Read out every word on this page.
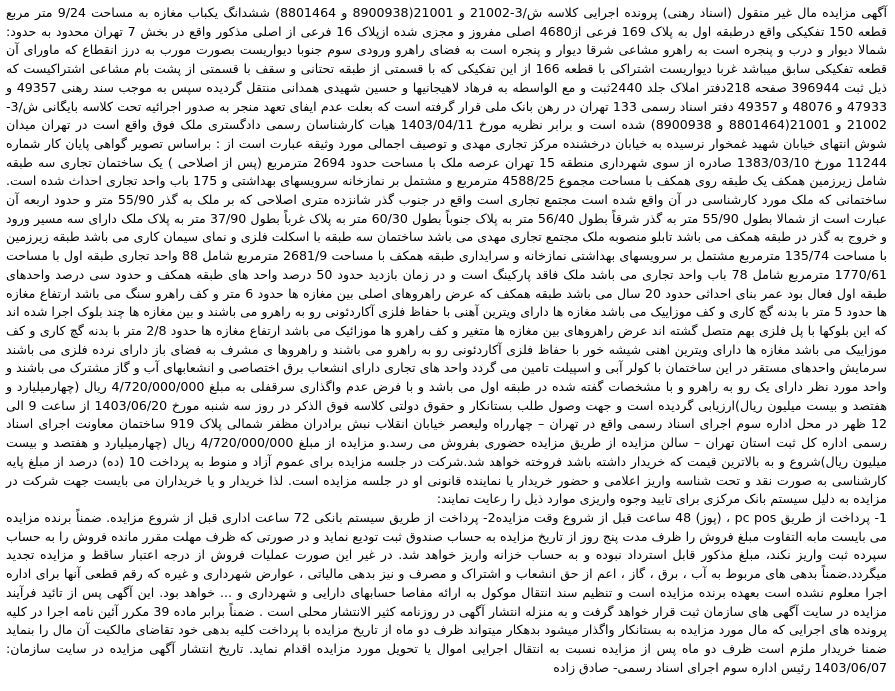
آگهی مزایده مال غیر منقول (اسناد رهنی) پرونده اجرایی کلاسه ش/3-21002 و 21001(8900938 و 8801464) ششدانگ یکباب مغازه به مساحت 9/24 متر مربع قطعه 150 تفکیکی واقع درطبقه اول به پلاک 169 فرعی از4680 اصلی مفروز و مجزی شده ازپلاک 16 فرعی از اصلی مذکور واقع در بخش 7 تهران محدود به حدود: شمالا دیوار و درب و پنجره است به راهرو مشاعی شرقا دیوار و پنجره است به فضای راهرو ورودی سوم جنوبا دیواریست بصورت مورب به درز انقطاع که ماورای آن قطعه تفکیکی سابق میباشد غربا دیواریست اشتراکی با قطعه 166 از این تفکیکی که با قسمتی از طبقه تحتانی و سقف با قسمتی از پشت بام مشاعی اشتراکیست که ذیل ثبت 396944 صفحه 218دفتر املاک جلد 2440ثبت و مع الواسطه به فرهاد لاهیجانیها و حسین شهیدی همدانی منتقل گردیده سپس به موجب سند رهنی 49357 و 47933 و 48076 و 49357 دفتر اسناد رسمی 133 تهران در رهن بانک ملی قرار گرفته است که بعلت عدم ایفای تعهد منجر به صدور اجرائیه تحت کلاسه بایگانی ش/3-21002 و 21001(8801464 و 8900938) شده است و برابر نظریه مورخ 1403/04/11 هیات کارشناسان رسمی دادگستری ملک فوق واقع است در تهران میدان شوش انتهای خیابان شهید غمخوار نرسیده به خیابان درخشنده مرکز تجاری مهدی و توصیف اجمالی مورد وثیقه عبارت است از : براساس تصویر گواهی پایان کار شماره 11244 مورخ 1383/03/10 صادره از سوی شهرداری منطقه 15 تهران عرصه ملک با مساحت حدود 2694 مترمربع (پس از اصلاحی ) یک ساختمان تجاری سه طبقه شامل زیرزمین همکف یک طبقه روی همکف با مساحت مجموع 4588/25 مترمربع و مشتمل بر نمازخانه سرویسهای بهداشتی و 175 باب واحد تجاری احداث شده است. ساختمانی که ملک مورد کارشناسی در آن واقع شده است مجتمع تجاری است واقع در جنوب گذر شانزده متری اصلاحی که بر ملک به گذر 55/90 متر و حدود اربعه آن عبارت است از شمالا بطول 55/90 متر به گذر شرقاً بطول 56/40 متر به پلاک جنوباً بطول 60/30 متر به پلاک غرباً بطول 37/90 متر به پلاک ملک دارای سه مسیر ورود و خروج به گذر در طبقه همکف می باشد تابلو منصوبه ملک مجتمع تجاری مهدی می باشد ساختمان سه طبقه با اسکلت فلزی و نمای سیمان کاری می باشد طبقه زیرزمین با مساحت 135/74 مترمربع مشتمل بر سرویسهای بهداشتی نمازخانه و سرایداری طبقه همکف با مساحت 2681/9 مترمربع شامل 88 واحد تجاری طبقه اول با مساحت 1770/61 مترمربع شامل 78 باب واحد تجاری می باشد ملک فاقد پارکینگ است و در زمان بازدید حدود 50 درصد واحد های طبقه همکف و حدود سی درصد واحدهای طبقه اول فعال بود عمر بنای احداثی حدود 20 سال می باشد طبقه همکف که عرض راهروهای اصلی بین مغازه ها حدود 6 متر و کف راهرو سنگ می باشد ارتفاع مغازه ها حدود 5 متر با بدنه گچ کاری و کف موزاییک می باشد مغازه ها دارای ویترین آهنی با حفاظ فلزی آکاردئونی رو به راهرو می باشند و بین مغازه ها چند بلوک اجرا شده اند که این بلوکها با پل فلزی بهم متصل گشته اند عرض راهروهای بین مغازه ها متغیر و کف راهرو ها موزائیک می باشد ارتفاع مغازه ها حدود 2/8 متر با بدنه گچ کاری و کف موزاییک می باشد مغازه ها دارای ویترین اهنی شیشه خور با حفاظ فلزی آکاردئونی رو به راهرو می باشند و راهروها ی مشرف به فضای باز دارای نرده فلزی می باشند سرمایش واحدهای مستقر در این ساختمان با کولر آبی و اسپیلت تامین می گردد واحد های تجاری دارای انشعاب برق اختصاصی و انشعابهای آب و گاز مشترک می باشند و واحد مورد نظر دارای یک رو به راهرو و با مشخصات گفته شده در طبقه اول می باشد و با فرض عدم واگذاری سرقفلی به مبلغ 4/720/000/000 ریال (چهارمیلیارد و هفتصد و بیست میلیون ریال)ارزیابی گردیده است و جهت وصول طلب بستانکار و حقوق دولتی کلاسه فوق الذکر در روز سه شنبه مورخ 1403/06/20 از ساعت 9 الی 12 ظهر در محل اداره سوم اجرای اسناد رسمی واقع در تهران – چهارراه ولیعصر خیابان انقلاب نبش برادران مظفر شمالی پلاک 919 ساختمان معاونت اجرای اسناد رسمی اداره کل ثبت استان تهران – سالن مزایده از طریق مزایده حضوری بفروش می رسد.و مزایده از مبلغ 4/720/000/000 ریال (چهارمیلیارد و هفتصد و بیست میلیون ریال)شروع و به بالاترین قیمت که خریدار داشته باشد فروخته خواهد شد.شرکت در جلسه مزایده برای عموم آزاد و منوط به پرداخت 10 (ده) درصد از مبلغ پایه کارشناسی به صورت نقد و تحت شناسه واریز اعلامی و حضور خریدار یا نماینده قانونی او در جلسه مزایده است. لذا خریدار و یا خریداران می بایست جهت شرکت در مزایده به دلیل سیستم بانک مرکزی برای تایید وجوه واریزی موارد ذیل را رعایت نمایند:
1- پرداخت از طریق pc pos ، (پوز) 48 ساعت قبل از شروع وقت مزایده2- پرداخت از طریق سیستم بانکی 72 ساعت اداری قبل از شروع مزایده. ضمناً برنده مزایده می بایست مابه التفاوت مبلغ فروش را ظرف مدت پنج روز از تاریخ مزایده به حساب صندوق ثبت تودیع نماید و در صورتی که ظرف مهلت مقرر مانده فروش را به حساب سپرده ثبت واریز نکند، مبلغ مذکور قابل استرداد نبوده و به حساب خزانه واریز خواهد شد. در غیر این صورت عملیات فروش از درجه اعتبار ساقط و مزایده تجدید میگردد.ضمناً بدهی های مربوط به آب ، برق ، گاز ، اعم از حق انشعاب و اشتراک و مصرف و نیز بدهی مالیاتی ، عوارض شهرداری و غیره که رقم قطعی آنها برای اداره اجرا معلوم نشده است بعهده برنده مزایده است و تنظیم سند انتقال موکول به ارائه مفاصا حسابهای دارایی و شهرداری و ... خواهد بود. این آگهی پس از تائید فرآیند مزایده در سایت آگهی های سازمان ثبت قرار خواهد گرفت و به منزله انتشار آگهی در روزنامه کثیر الانتشار محلی است . ضمناً برابر ماده 39 مکرر آئین نامه اجرا در کلیه پرونده های اجرایی که مال مورد مزایده به بستانکار واگذار میشود بدهکار میتواند ظرف دو ماه از تاریخ مزایده با پرداخت کلیه بدهی خود تقاضای مالکیت آن مال را بنماید ضمنا خریدار ملزم است ظرف دو ماه پس از مزایده نسبت به انتقال اجرایی اموال یا تحویل مورد مزایده اقدام نماید. تاریخ انتشار آگهی مزایده در سایت سازمان: 1403/06/07 رئیس اداره سوم اجرای اسناد رسمی- صادق زاده
